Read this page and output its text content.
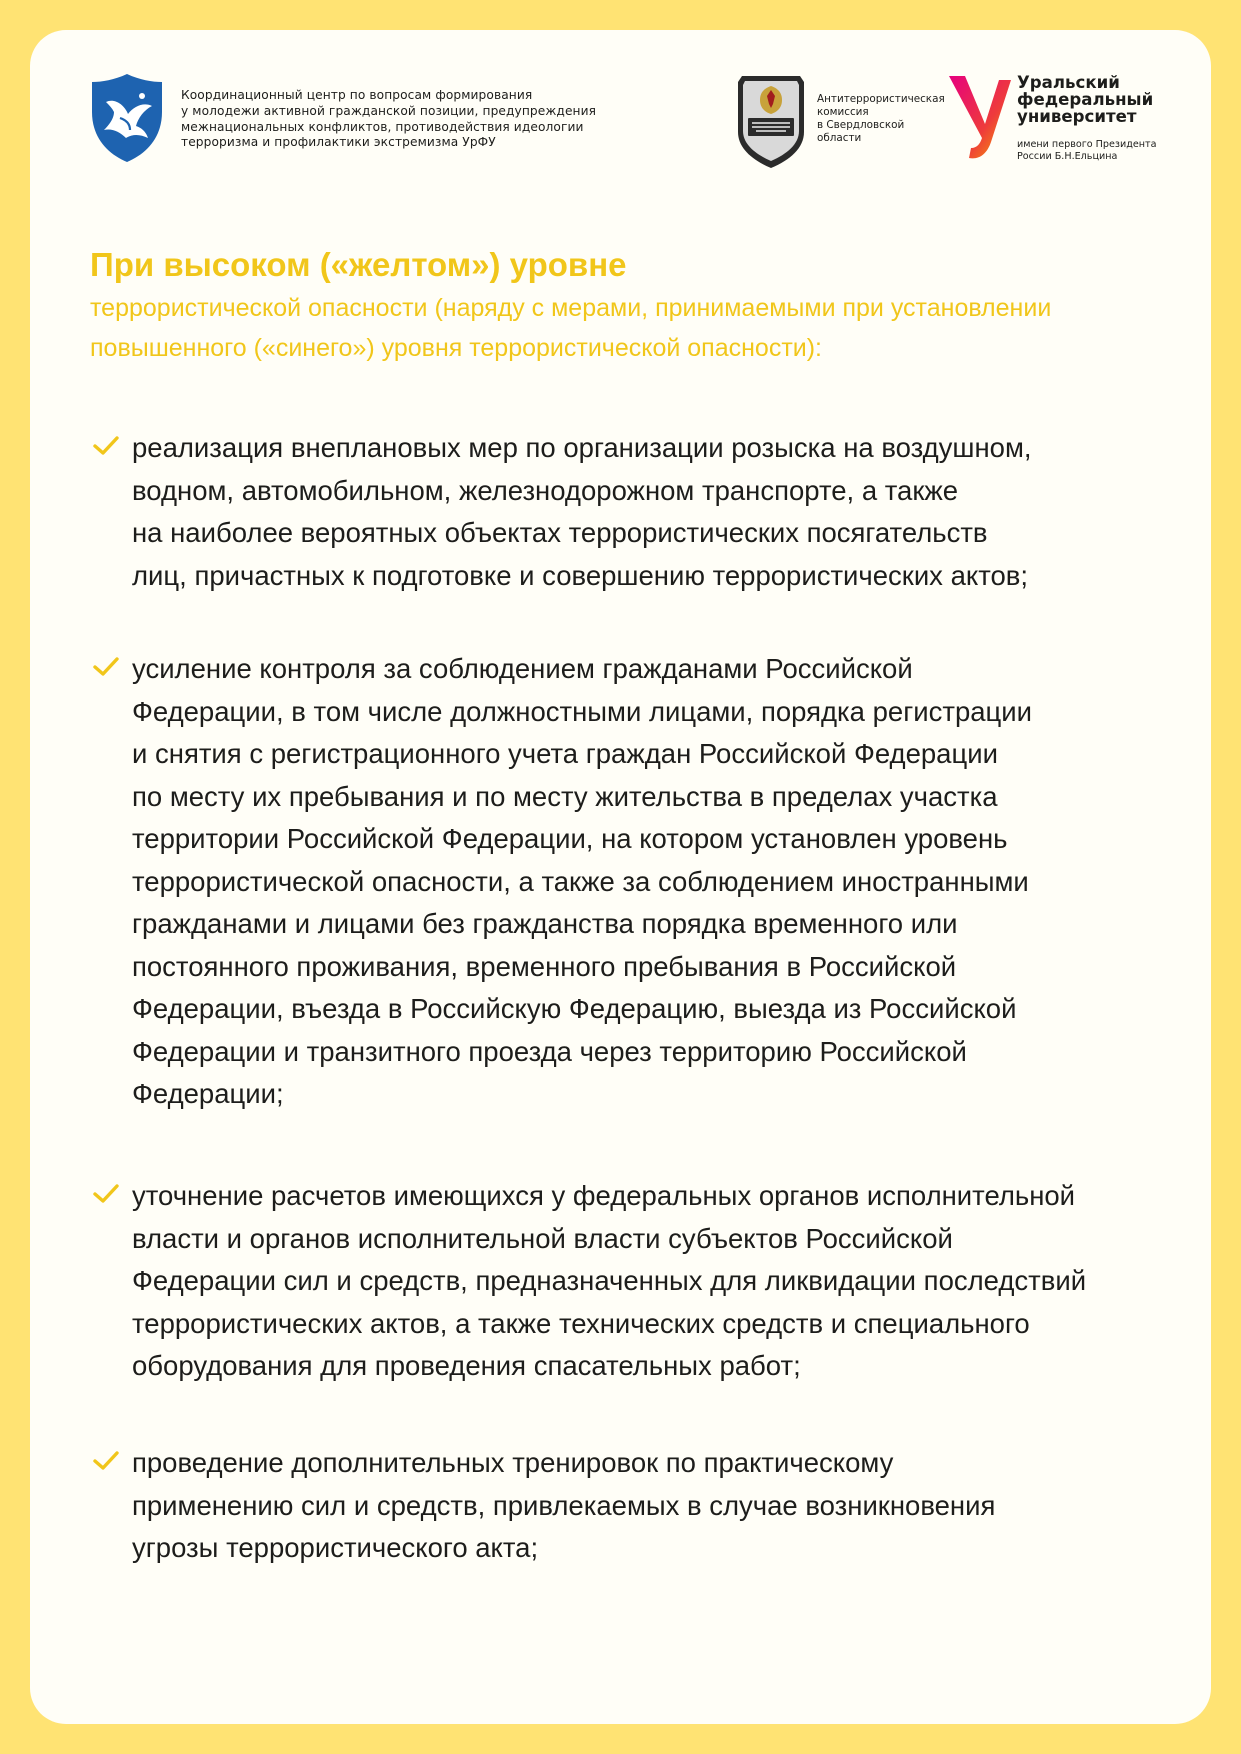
Координационный центр по вопросам формирования
у молодежи активной гражданской позиции, предупреждения
межнациональных конфликтов, противодействия идеологии
терроризма и профилактики экстремизма УрФУ
Антитеррористическая
комиссия
в Свердловской
области
Уральский
федеральный
университет
имени первого Президента
России Б.Н.Ельцина
При высоком («желтом») уровне
террористической опасности (наряду с мерами, принимаемыми при установлении
повышенного («синего») уровня террористической опасности):
реализация внеплановых мер по организации розыска на воздушном,
водном, автомобильном, железнодорожном транспорте, а также
на наиболее вероятных объектах террористических посягательств
лиц, причастных к подготовке и совершению террористических актов;
усиление контроля за соблюдением гражданами Российской
Федерации, в том числе должностными лицами, порядка регистрации
и снятия с регистрационного учета граждан Российской Федерации
по месту их пребывания и по месту жительства в пределах участка
территории Российской Федерации, на котором установлен уровень
террористической опасности, а также за соблюдением иностранными
гражданами и лицами без гражданства порядка временного или
постоянного проживания, временного пребывания в Российской
Федерации, въезда в Российскую Федерацию, выезда из Российской
Федерации и транзитного проезда через территорию Российской
Федерации;
уточнение расчетов имеющихся у федеральных органов исполнительной
власти и органов исполнительной власти субъектов Российской
Федерации сил и средств, предназначенных для ликвидации последствий
террористических актов, а также технических средств и специального
оборудования для проведения спасательных работ;
проведение дополнительных тренировок по практическому
применению сил и средств, привлекаемых в случае возникновения
угрозы террористического акта;
